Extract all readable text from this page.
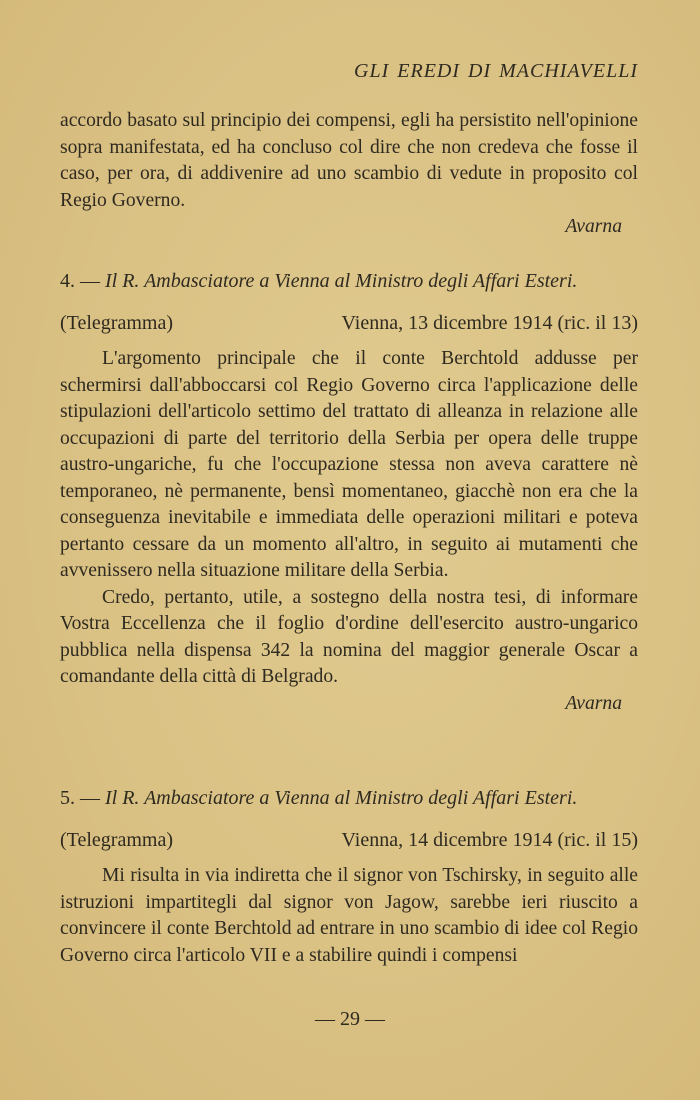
GLI EREDI DI MACHIAVELLI

accordo basato sul principio dei compensi, egli ha persistito nell'opinione sopra manifestata, ed ha concluso col dire che non credeva che fosse il caso, per ora, di addivenire ad uno scambio di vedute in proposito col Regio Governo.

Avarna

4. — Il R. Ambasciatore a Vienna al Ministro degli Affari Esteri.

(Telegramma)	Vienna, 13 dicembre 1914 (ric. il 13)

L'argomento principale che il conte Berchtold addusse per schermirsi dall'abboccarsi col Regio Governo circa l'applicazione delle stipulazioni dell'articolo settimo del trattato di alleanza in relazione alle occupazioni di parte del territorio della Serbia per opera delle truppe austro-ungariche, fu che l'occupazione stessa non aveva carattere nè temporaneo, nè permanente, bensì momentaneo, giacchè non era che la conseguenza inevitabile e immediata delle operazioni militari e poteva pertanto cessare da un momento all'altro, in seguito ai mutamenti che avvenissero nella situazione militare della Serbia.

Credo, pertanto, utile, a sostegno della nostra tesi, di informare Vostra Eccellenza che il foglio d'ordine dell'esercito austro-ungarico pubblica nella dispensa 342 la nomina del maggior generale Oscar a comandante della città di Belgrado.

Avarna

5. — Il R. Ambasciatore a Vienna al Ministro degli Affari Esteri.

(Telegramma)	Vienna, 14 dicembre 1914 (ric. il 15)

Mi risulta in via indiretta che il signor von Tschirsky, in seguito alle istruzioni impartitegli dal signor von Jagow, sarebbe ieri riuscito a convincere il conte Berchtold ad entrare in uno scambio di idee col Regio Governo circa l'articolo VII e a stabilire quindi i compensi

— 29 —
